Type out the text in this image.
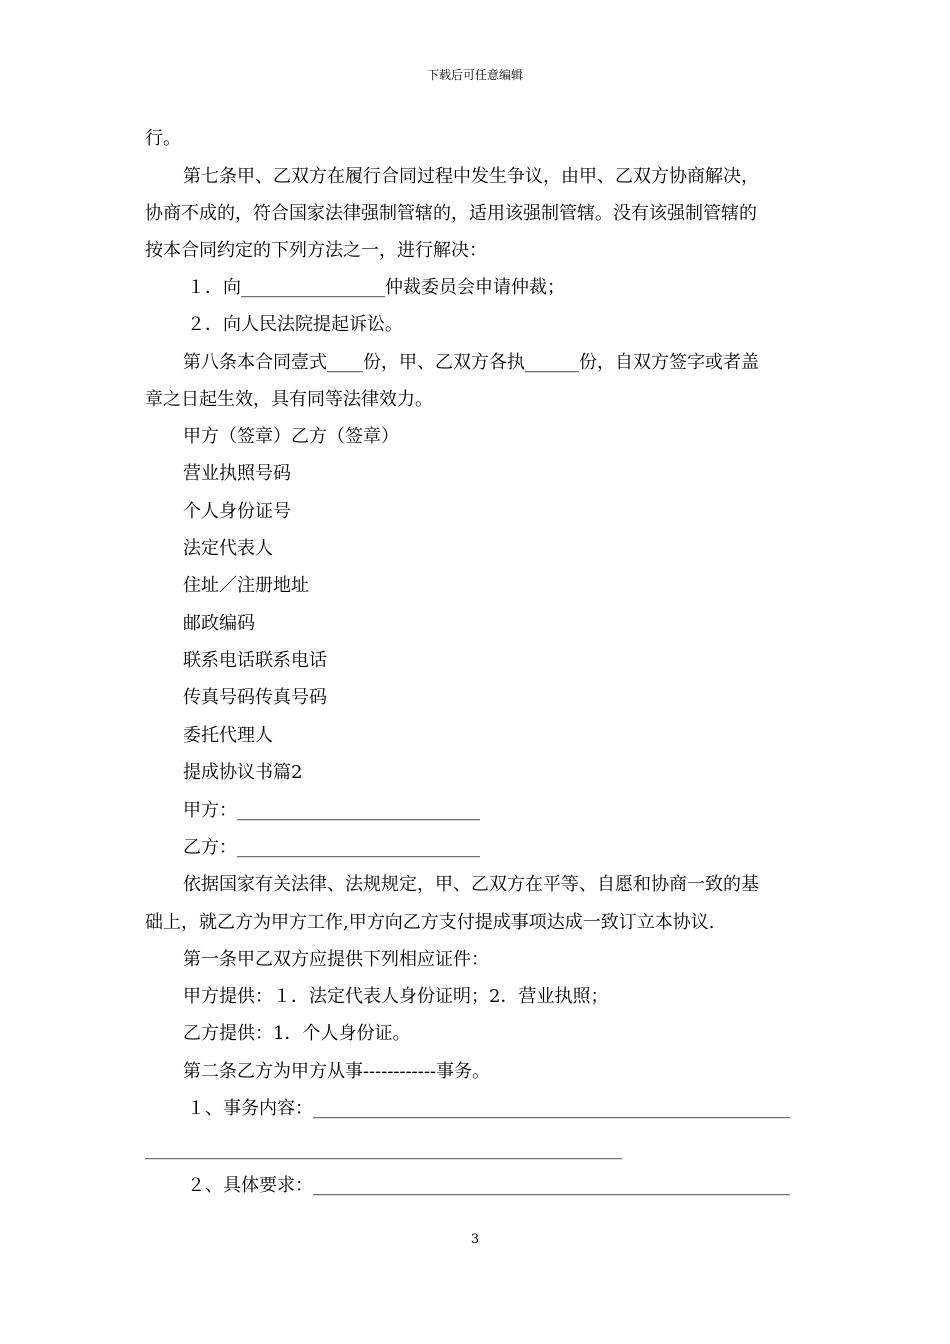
下载后可任意编辑
行。
第七条甲、乙双方在履行合同过程中发生争议，由甲、乙双方协商解决，
协商不成的，符合国家法律强制管辖的，适用该强制管辖。没有该强制管辖的
按本合同约定的下列方法之一，进行解决：
１．向________________仲裁委员会申请仲裁；
２．向人民法院提起诉讼。
第八条本合同壹式____份，甲、乙双方各执______份，自双方签字或者盖
章之日起生效，具有同等法律效力。
甲方（签章）乙方（签章）
营业执照号码
个人身份证号
法定代表人
住址／注册地址
邮政编码
联系电话联系电话
传真号码传真号码
委托代理人
提成协议书篇2
甲方：___________________________
乙方：___________________________
依据国家有关法律、法规规定，甲、乙双方在平等、自愿和协商一致的基
础上，就乙方为甲方工作,甲方向乙方支付提成事项达成一致订立本协议.
第一条甲乙双方应提供下列相应证件：
甲方提供：１．法定代表人身份证明；2．营业执照；
乙方提供：1．个人身份证。
第二条乙方为甲方从事------------事务。
１、事务内容：_____________________________________________________
_____________________________________________________
２、具体要求：_____________________________________________________
3
